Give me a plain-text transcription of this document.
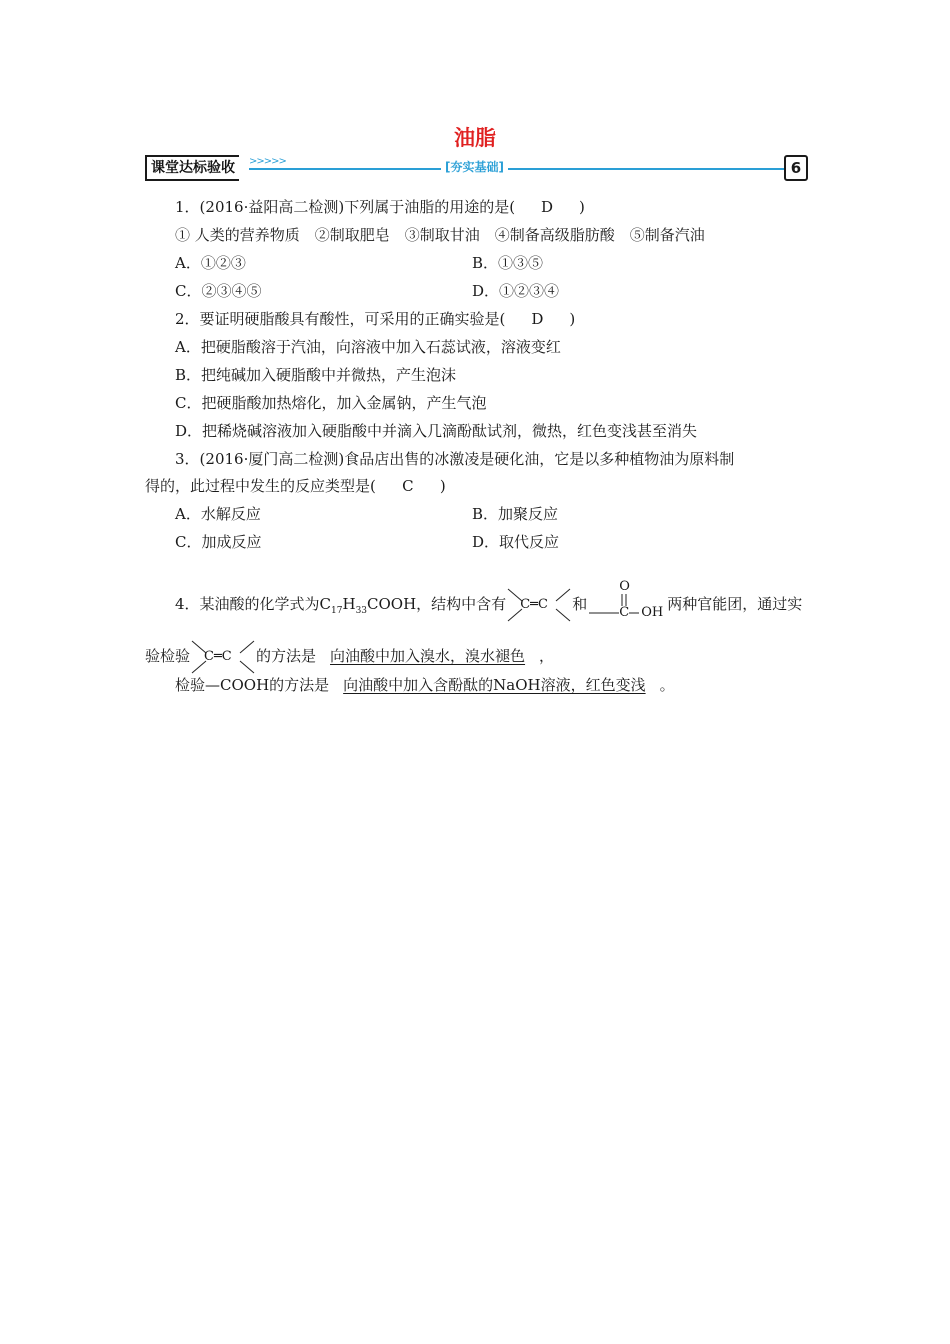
油脂
课堂达标验收	>>>>>	[夯实基础]	6
1．(2016·益阳高二检测)下列属于油脂的用途的是( D )
① 人类的营养物质　②制取肥皂　③制取甘油　④制备高级脂肪酸　⑤制备汽油
A．①②③	B．①③⑤
C．②③④⑤	D．①②③④
2．要证明硬脂酸具有酸性，可采用的正确实验是( D )
A．把硬脂酸溶于汽油，向溶液中加入石蕊试液，溶液变红
B．把纯碱加入硬脂酸中并微热，产生泡沫
C．把硬脂酸加热熔化，加入金属钠，产生气泡
D．把稀烧碱溶液加入硬脂酸中并滴入几滴酚酞试剂，微热，红色变浅甚至消失
3．(2016·厦门高二检测)食品店出售的冰激凌是硬化油，它是以多种植物油为原料制
得的，此过程中发生的反应类型是( C )
A．水解反应	B．加聚反应
C．加成反应	D．取代反应
4．某油酸的化学式为$C_{17}H_{33}COOH$，结构中含有 C═C 和
O
C OH 两种官能团，通过实
验检验 C═C 的方法是 向油酸中加入溴水，溴水褪色 ，
检验—COOH的方法是 向油酸中加入含酚酞的NaOH溶液，红色变浅 。
